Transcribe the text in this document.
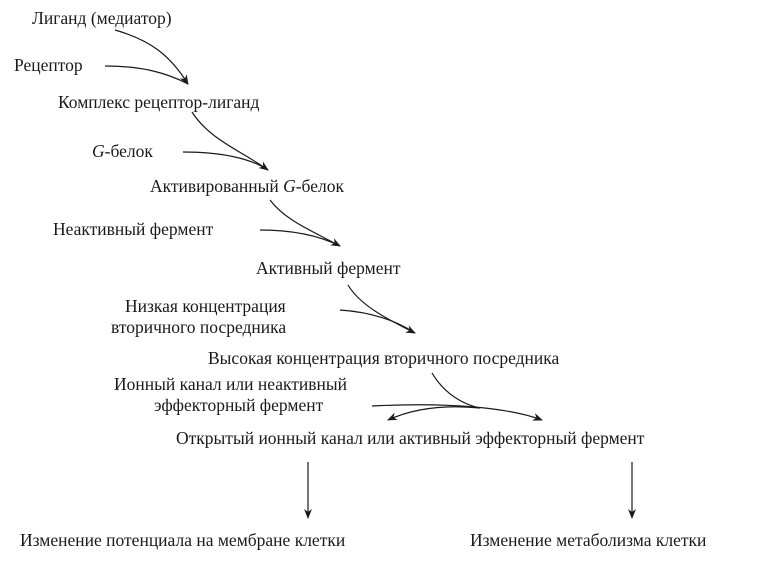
Лиганд (медиатор)
Рецептор
Комплекс рецептор-лиганд
G-белок
Активированный G-белок
Неактивный фермент
Активный фермент
Низкая концентрация
вторичного посредника
Высокая концентрация вторичного посредника
Ионный канал или неактивный
эффекторный фермент
Открытый ионный канал или активный эффекторный фермент
Изменение потенциала на мембране клетки	Изменение метаболизма клетки
